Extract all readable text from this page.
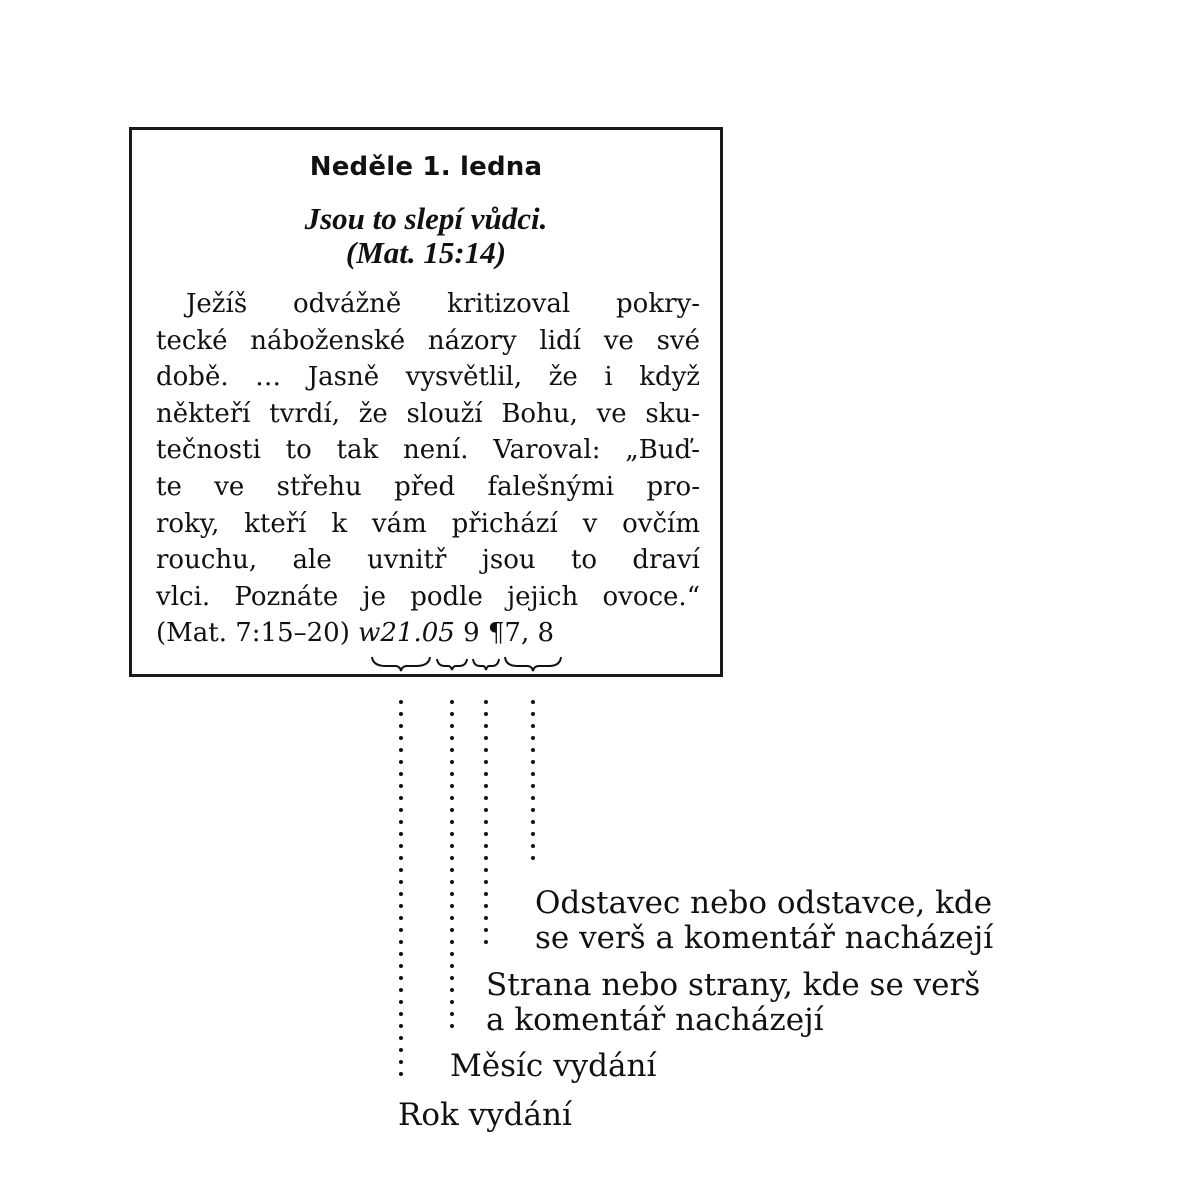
Neděle 1. ledna
Jsou to slepí vůdci.
(Mat. 15:14)
Ježíš odvážně kritizoval pokry-
tecké náboženské názory lidí ve své
době. … Jasně vysvětlil, že i když
někteří tvrdí, že slouží Bohu, ve sku-
tečnosti to tak není. Varoval: „Buď-
te ve střehu před falešnými pro-
roky, kteří k vám přichází v ovčím
rouchu, ale uvnitř jsou to draví
vlci. Poznáte je podle jejich ovoce.“
(Mat. 7:15–20) w21.05 9 ¶7, 8
Odstavec nebo odstavce, kde
se verš a komentář nacházejí
Strana nebo strany, kde se verš
a komentář nacházejí
Měsíc vydání
Rok vydání
